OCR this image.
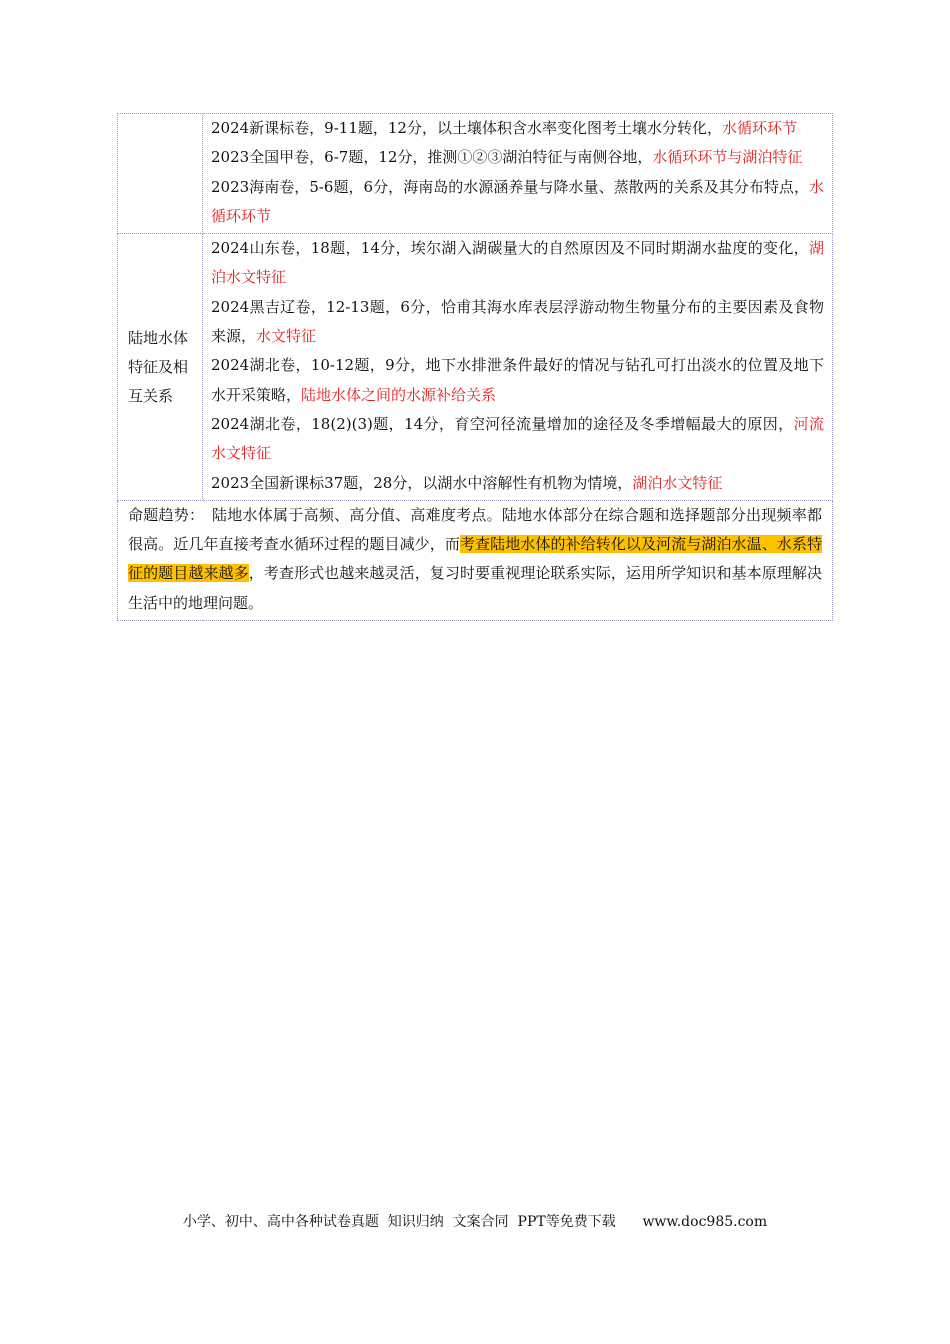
	2024新课标卷，9-11题，12分，以土壤体积含水率变化图考土壤水分转化，水循环环节
2023全国甲卷，6-7题，12分，推测①②③湖泊特征与南侧谷地，水循环环节与湖泊特征
2023海南卷，5-6题，6分，海南岛的水源涵养量与降水量、蒸散两的关系及其分布特点，水循环环节

陆地水体特征及相互关系	2024山东卷，18题，14分，埃尔湖入湖碳量大的自然原因及不同时期湖水盐度的变化，湖泊水文特征
2024黑吉辽卷，12-13题，6分，恰甫其海水库表层浮游动物生物量分布的主要因素及食物来源，水文特征
2024湖北卷，10-12题，9分，地下水排泄条件最好的情况与钻孔可打出淡水的位置及地下水开采策略，陆地水体之间的水源补给关系
2024湖北卷，18(2)(3)题，14分，育空河径流量增加的途径及冬季增幅最大的原因，河流水文特征
2023全国新课标37题，28分，以湖水中溶解性有机物为情境，湖泊水文特征

命题趋势：　陆地水体属于高频、高分值、高难度考点。陆地水体部分在综合题和选择题部分出现频率都很高。近几年直接考查水循环过程的题目减少，而考查陆地水体的补给转化以及河流与湖泊水温、水系特征的题目越来越多，考查形式也越来越灵活，复习时要重视理论联系实际，运用所学知识和基本原理解决生活中的地理问题。	
小学、初中、高中各种试卷真题  知识归纳  文案合同  PPT等免费下载      www.doc985.com
